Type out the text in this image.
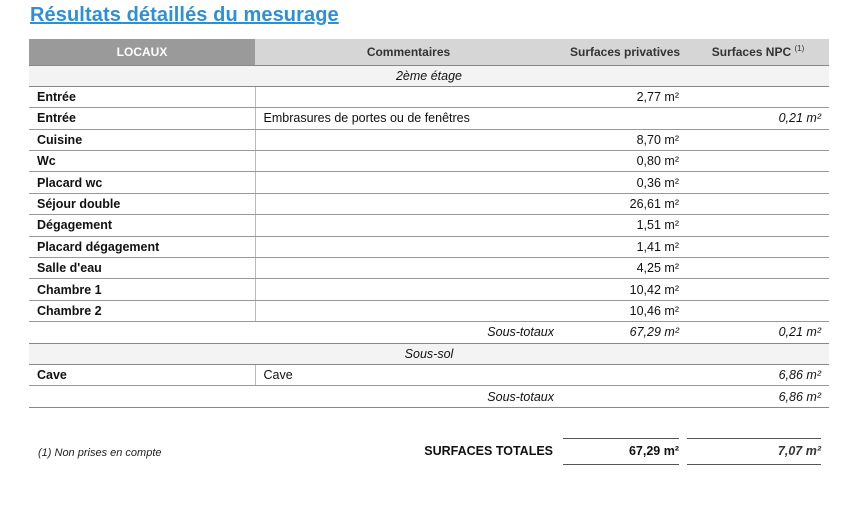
Résultats détaillés du mesurage
LOCAUX	Commentaires	Surfaces privatives	Surfaces NPC $^{(1)}$
2ème étage			
Entrée		2,77 m²	
Entrée	Embrasures de portes ou de fenêtres		0,21 m²
Cuisine		8,70 m²	
Wc		0,80 m²	
Placard wc		0,36 m²	
Séjour double		26,61 m²	
Dégagement		1,51 m²	
Placard dégagement		1,41 m²	
Salle d'eau		4,25 m²	
Chambre 1		10,42 m²	
Chambre 2		10,46 m²	
Sous-totaux		67,29 m²	0,21 m²
Sous-sol			
Cave	Cave		6,86 m²
Sous-totaux			6,86 m²
(1) Non prises en compte	SURFACES TOTALES	67,29 m²	7,07 m²
